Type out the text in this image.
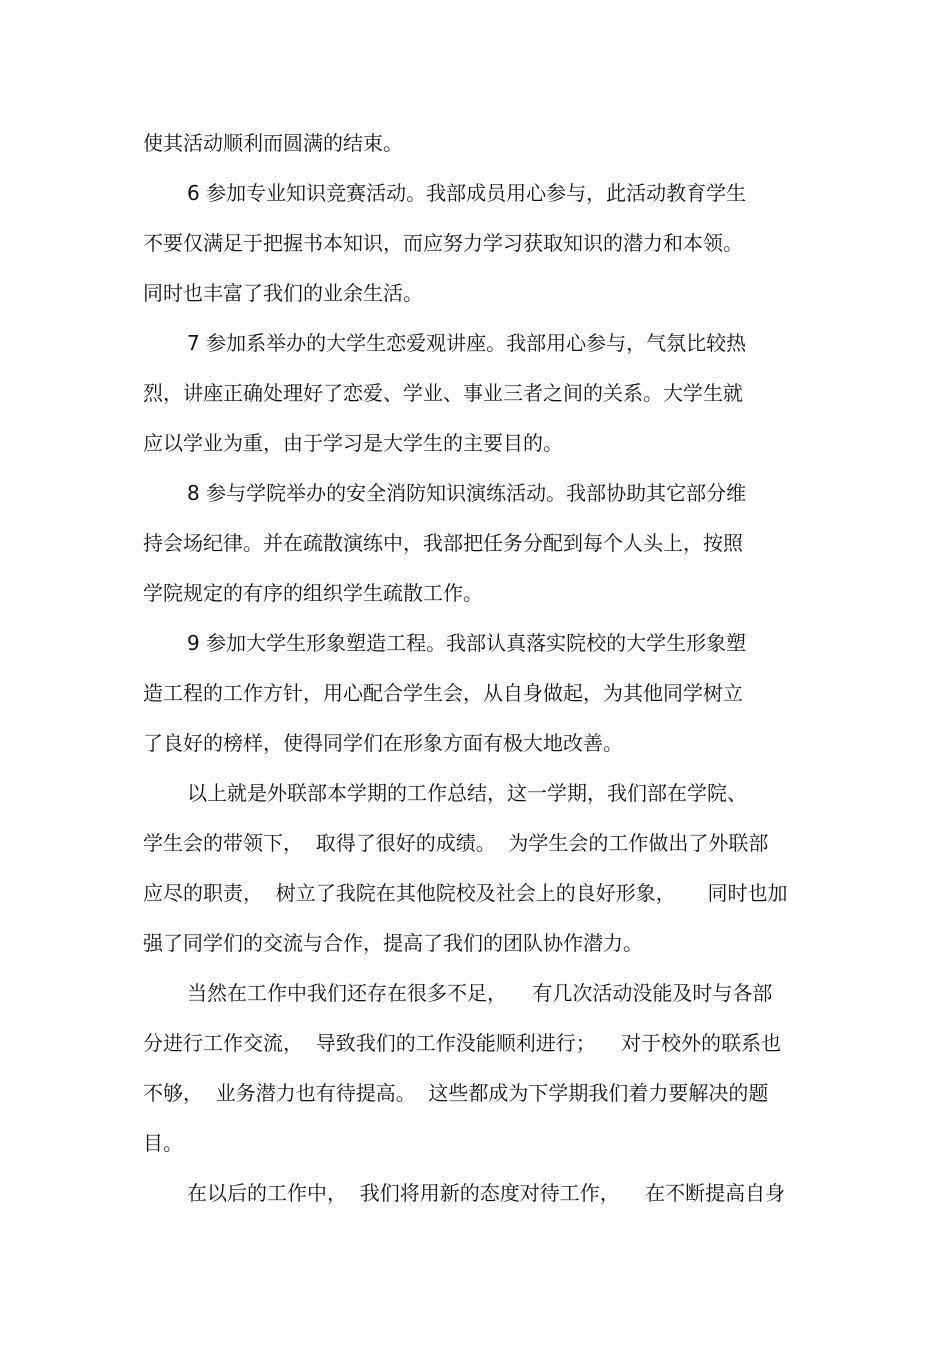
使其活动顺利而圆满的结束。
6 参加专业知识竞赛活动。我部成员用心参与，此活动教育学生
不要仅满足于把握书本知识，而应努力学习获取知识的潜力和本领。
同时也丰富了我们的业余生活。
7 参加系举办的大学生恋爱观讲座。我部用心参与，气氛比较热
烈，讲座正确处理好了恋爱、学业、事业三者之间的关系。大学生就
应以学业为重，由于学习是大学生的主要目的。
8 参与学院举办的安全消防知识演练活动。我部协助其它部分维
持会场纪律。并在疏散演练中，我部把任务分配到每个人头上，按照
学院规定的有序的组织学生疏散工作。
9 参加大学生形象塑造工程。我部认真落实院校的大学生形象塑
造工程的工作方针，用心配合学生会，从自身做起，为其他同学树立
了良好的榜样，使得同学们在形象方面有极大地改善。
以上就是外联部本学期的工作总结，这一学期，我们部在学院、
学生会的带领下，  取得了很好的成绩。  为学生会的工作做出了外联部
应尽的职责，  树立了我院在其他院校及社会上的良好形象，     同时也加
强了同学们的交流与合作，提高了我们的团队协作潜力。
当然在工作中我们还存在很多不足，    有几次活动没能及时与各部
分进行工作交流，  导致我们的工作没能顺利进行；    对于校外的联系也
不够，  业务潜力也有待提高。  这些都成为下学期我们着力要解决的题
目。
在以后的工作中，  我们将用新的态度对待工作，    在不断提高自身
